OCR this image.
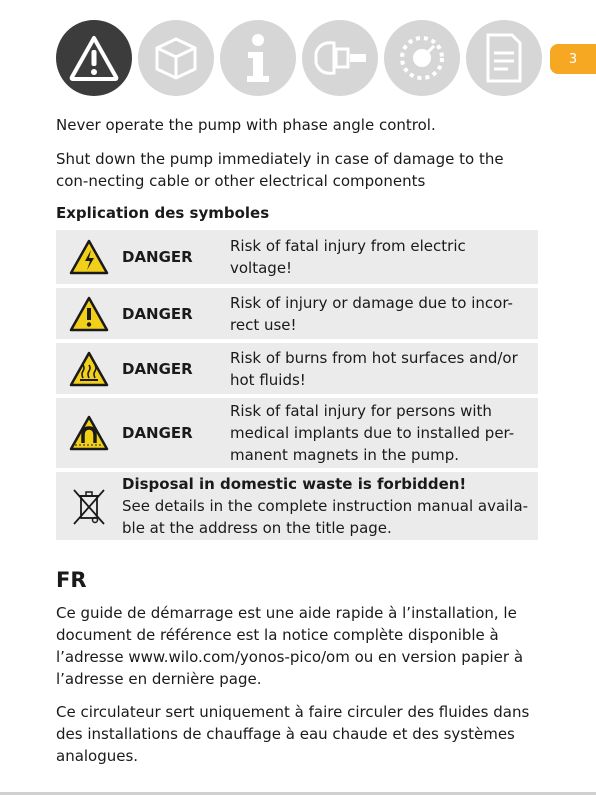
3

Never operate the pump with phase angle control.

Shut down the pump immediately in case of damage to the con-necting cable or other electrical components

Explication des symboles

DANGER
Risk of fatal injury from electric voltage!
DANGER
Risk of injury or damage due to incor-rect use!
DANGER
Risk of burns from hot surfaces and/or hot fluids!
DANGER
Risk of fatal injury for persons with medical implants due to installed per-manent magnets in the pump.
Disposal in domestic waste is forbidden!
See details in the complete instruction manual availa-ble at the address on the title page.
FR

Ce guide de démarrage est une aide rapide à l’installation, le document de référence est la notice complète disponible à l’adresse www.wilo.com/yonos-pico/om ou en version papier à l’adresse en dernière page.

Ce circulateur sert uniquement à faire circuler des fluides dans des installations de chauffage à eau chaude et des systèmes analogues.
